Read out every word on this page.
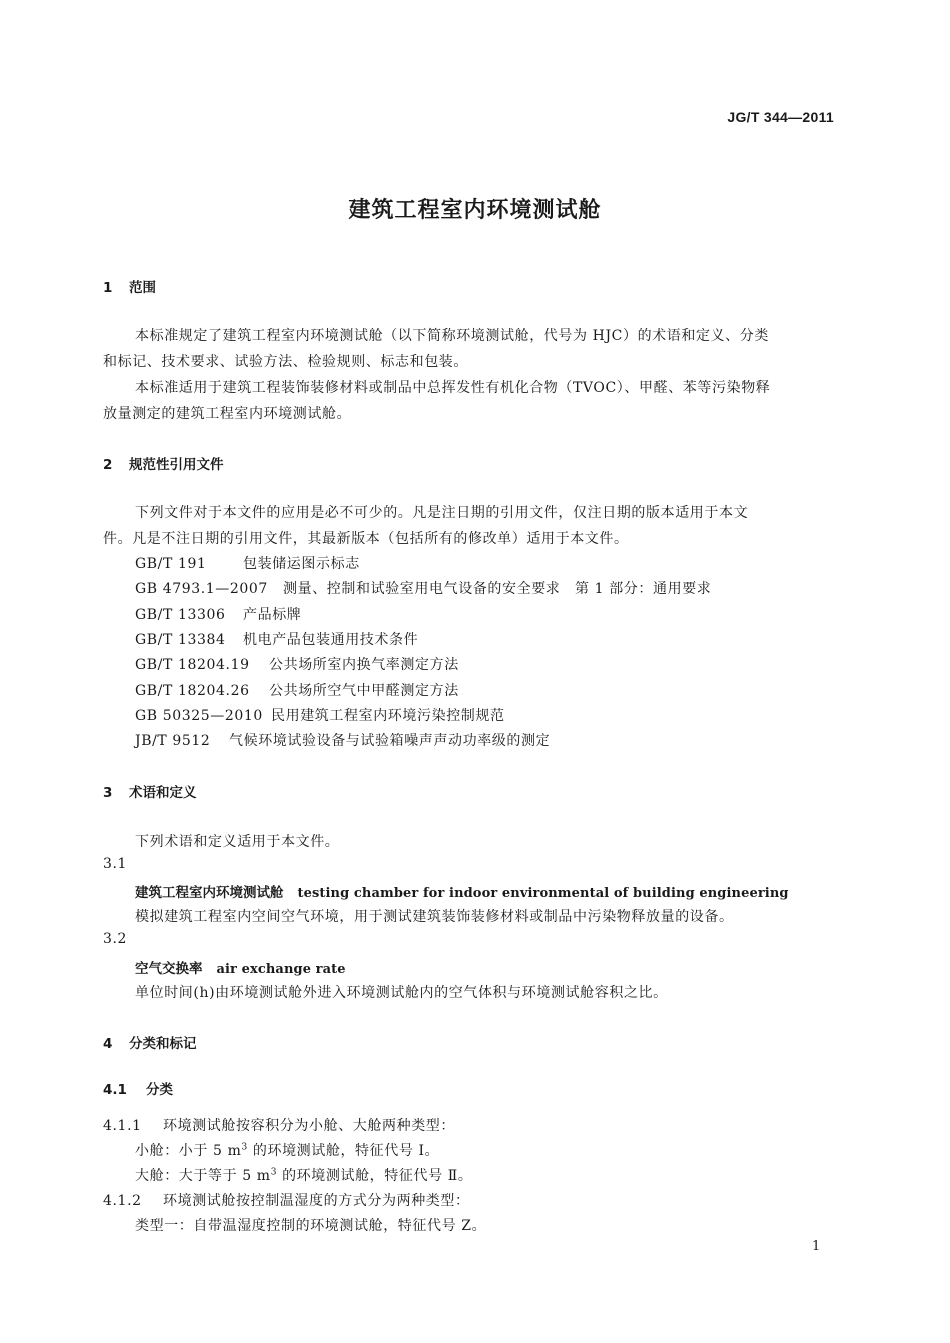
JG/T 344—2011
建筑工程室内环境测试舱
1 范围
本标准规定了建筑工程室内环境测试舱（以下简称环境测试舱，代号为 HJC）的术语和定义、分类
和标记、技术要求、试验方法、检验规则、标志和包装。
本标准适用于建筑工程装饰装修材料或制品中总挥发性有机化合物（TVOC）、甲醛、苯等污染物释
放量测定的建筑工程室内环境测试舱。
2 规范性引用文件
下列文件对于本文件的应用是必不可少的。凡是注日期的引用文件，仅注日期的版本适用于本文
件。凡是不注日期的引用文件，其最新版本（包括所有的修改单）适用于本文件。
GB/T 191	包装储运图示标志
GB 4793.1—2007 测量、控制和试验室用电气设备的安全要求　第 1 部分：通用要求
GB/T 13306 产品标牌
GB/T 13384 机电产品包装通用技术条件
GB/T 18204.19 公共场所室内换气率测定方法
GB/T 18204.26 公共场所空气中甲醛测定方法
GB 50325—2010 民用建筑工程室内环境污染控制规范
JB/T 9512 气候环境试验设备与试验箱噪声声动功率级的测定
3 术语和定义
下列术语和定义适用于本文件。
3.1
建筑工程室内环境测试舱 testing chamber for indoor environmental of building engineering
模拟建筑工程室内空间空气环境，用于测试建筑装饰装修材料或制品中污染物释放量的设备。
3.2
空气交换率 air exchange rate
单位时间(h)由环境测试舱外进入环境测试舱内的空气体积与环境测试舱容积之比。
4 分类和标记
4.1 分类
4.1.1 环境测试舱按容积分为小舱、大舱两种类型：
小舱：小于 5 $m^3$ 的环境测试舱，特征代号 Ⅰ。
大舱：大于等于 5 $m^3$ 的环境测试舱，特征代号 Ⅱ。
4.1.2 环境测试舱按控制温湿度的方式分为两种类型：
类型一：自带温湿度控制的环境测试舱，特征代号 Z。
1
